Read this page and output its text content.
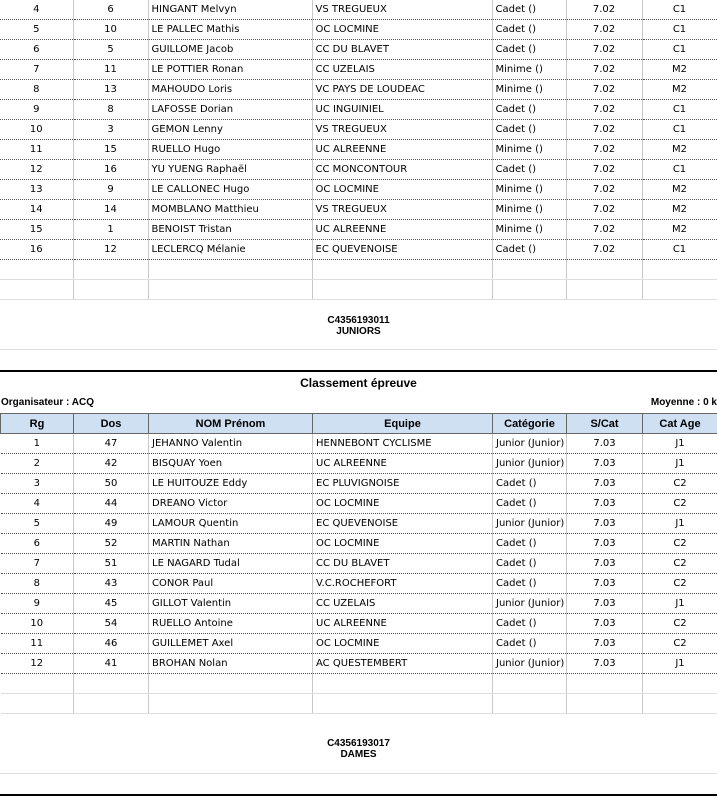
4	6	HINGANT Melvyn	VS TREGUEUX	Cadet ()	7.02	C1
5	10	LE PALLEC Mathis	OC LOCMINE	Cadet ()	7.02	C1
6	5	GUILLOME Jacob	CC DU BLAVET	Cadet ()	7.02	C1
7	11	LE POTTIER Ronan	CC UZELAIS	Minime ()	7.02	M2
8	13	MAHOUDO Loris	VC PAYS DE LOUDEAC	Minime ()	7.02	M2
9	8	LAFOSSE Dorian	UC INGUINIEL	Cadet ()	7.02	C1
10	3	GEMON Lenny	VS TREGUEUX	Cadet ()	7.02	C1
11	15	RUELLO Hugo	UC ALREENNE	Minime ()	7.02	M2
12	16	YU YUENG Raphaël	CC MONCONTOUR	Cadet ()	7.02	C1
13	9	LE CALLONEC Hugo	OC LOCMINE	Minime ()	7.02	M2
14	14	MOMBLANO Matthieu	VS TREGUEUX	Minime ()	7.02	M2
15	1	BENOIST Tristan	UC ALREENNE	Minime ()	7.02	M2
16	12	LECLERCQ Mélanie	EC QUEVENOISE	Cadet ()	7.02	C1

C4356193011
JUNIORS
Classement épreuve
Organisateur : ACQ	Moyenne : 0 k
Rg	Dos	NOM Prénom	Equipe	Catégorie	S/Cat	Cat Age
1	47	JEHANNO Valentin	HENNEBONT CYCLISME	Junior (Junior)	7.03	J1
2	42	BISQUAY Yoen	UC ALREENNE	Junior (Junior)	7.03	J1
3	50	LE HUITOUZE Eddy	EC PLUVIGNOISE	Cadet ()	7.03	C2
4	44	DREANO Victor	OC LOCMINE	Cadet ()	7.03	C2
5	49	LAMOUR Quentin	EC QUEVENOISE	Junior (Junior)	7.03	J1
6	52	MARTIN Nathan	OC LOCMINE	Cadet ()	7.03	C2
7	51	LE NAGARD Tudal	CC DU BLAVET	Cadet ()	7.03	C2
8	43	CONOR Paul	V.C.ROCHEFORT	Cadet ()	7.03	C2
9	45	GILLOT Valentin	CC UZELAIS	Junior (Junior)	7.03	J1
10	54	RUELLO Antoine	UC ALREENNE	Cadet ()	7.03	C2
11	46	GUILLEMET Axel	OC LOCMINE	Cadet ()	7.03	C2
12	41	BROHAN Nolan	AC QUESTEMBERT	Junior (Junior)	7.03	J1

C4356193017
DAMES
